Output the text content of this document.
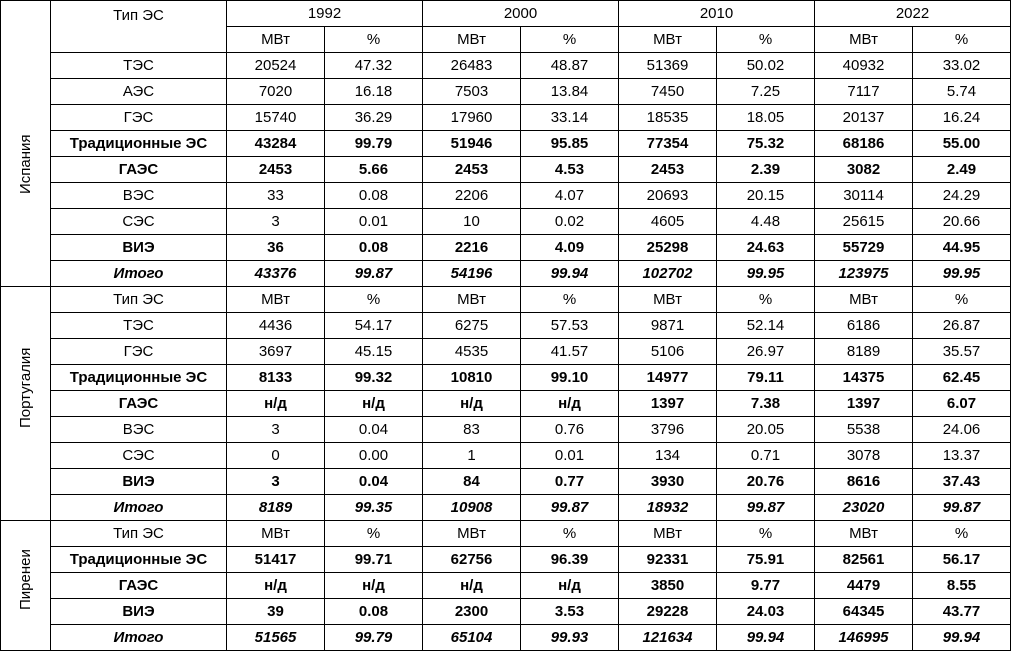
	Тип ЭС	1992		2000		2010		2022	
		МВт	%	МВт	%	МВт	%	МВт	%

Испания	ТЭС	20524	47.32	26483	48.87	51369	50.02	40932	33.02
	АЭС	7020	16.18	7503	13.84	7450	7.25	7117	5.74
	ГЭС	15740	36.29	17960	33.14	18535	18.05	20137	16.24
	Традиционные ЭС	43284	99.79	51946	95.85	77354	75.32	68186	55.00
	ГАЭС	2453	5.66	2453	4.53	2453	2.39	3082	2.49
	ВЭС	33	0.08	2206	4.07	20693	20.15	30114	24.29
	СЭС	3	0.01	10	0.02	4605	4.48	25615	20.66
	ВИЭ	36	0.08	2216	4.09	25298	24.63	55729	44.95
	Итого	43376	99.87	54196	99.94	102702	99.95	123975	99.95

Португалия	Тип ЭС	МВт	%	МВт	%	МВт	%	МВт	%
	ТЭС	4436	54.17	6275	57.53	9871	52.14	6186	26.87
	ГЭС	3697	45.15	4535	41.57	5106	26.97	8189	35.57
	Традиционные ЭС	8133	99.32	10810	99.10	14977	79.11	14375	62.45
	ГАЭС	н/д	н/д	н/д	н/д	1397	7.38	1397	6.07
	ВЭС	3	0.04	83	0.76	3796	20.05	5538	24.06
	СЭС	0	0.00	1	0.01	134	0.71	3078	13.37
	ВИЭ	3	0.04	84	0.77	3930	20.76	8616	37.43
	Итого	8189	99.35	10908	99.87	18932	99.87	23020	99.87

Пиренеи	Тип ЭС	МВт	%	МВт	%	МВт	%	МВт	%
	Традиционные ЭС	51417	99.71	62756	96.39	92331	75.91	82561	56.17
	ГАЭС	н/д	н/д	н/д	н/д	3850	9.77	4479	8.55
	ВИЭ	39	0.08	2300	3.53	29228	24.03	64345	43.77
	Итого	51565	99.79	65104	99.93	121634	99.94	146995	99.94
